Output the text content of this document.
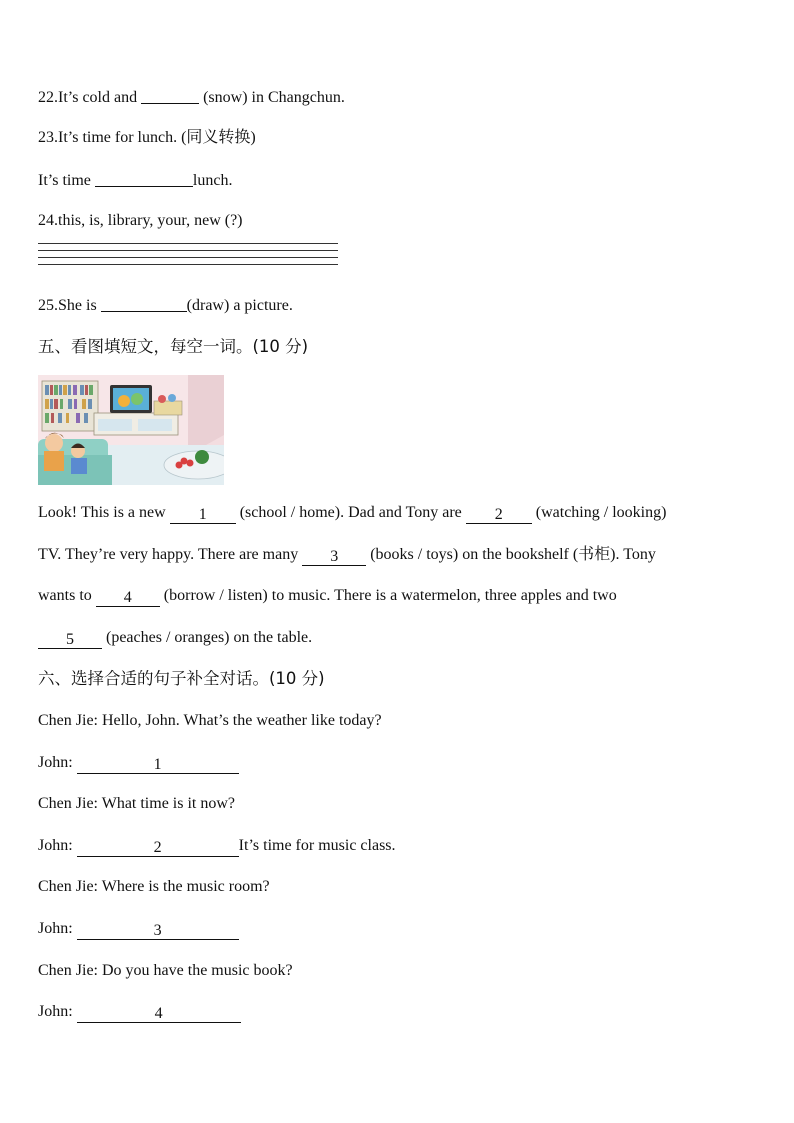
22.It’s cold and	(snow) in Changchun.
23.It’s time for lunch. (同义转换)
It’s time	lunch.
24.this, is, library, your, new (?)
25.She is	(draw) a picture.
五、看图填短文，每空一词。(10 分)
Look! This is a new 1 (school / home). Dad and Tony are 2 (watching / looking)
TV. They’re very happy. There are many 3 (books / toys) on the bookshelf (书柜). Tony
wants to 4 (borrow / listen) to music. There is a watermelon, three apples and two
5 (peaches / oranges) on the table.
六、选择合适的句子补全对话。(10 分)
Chen Jie: Hello, John. What’s the weather like today?
John:	1
Chen Jie: What time is it now?
John:	2	It’s time for music class.
Chen Jie: Where is the music room?
John:	3
Chen Jie: Do you have the music book?
John:	4
